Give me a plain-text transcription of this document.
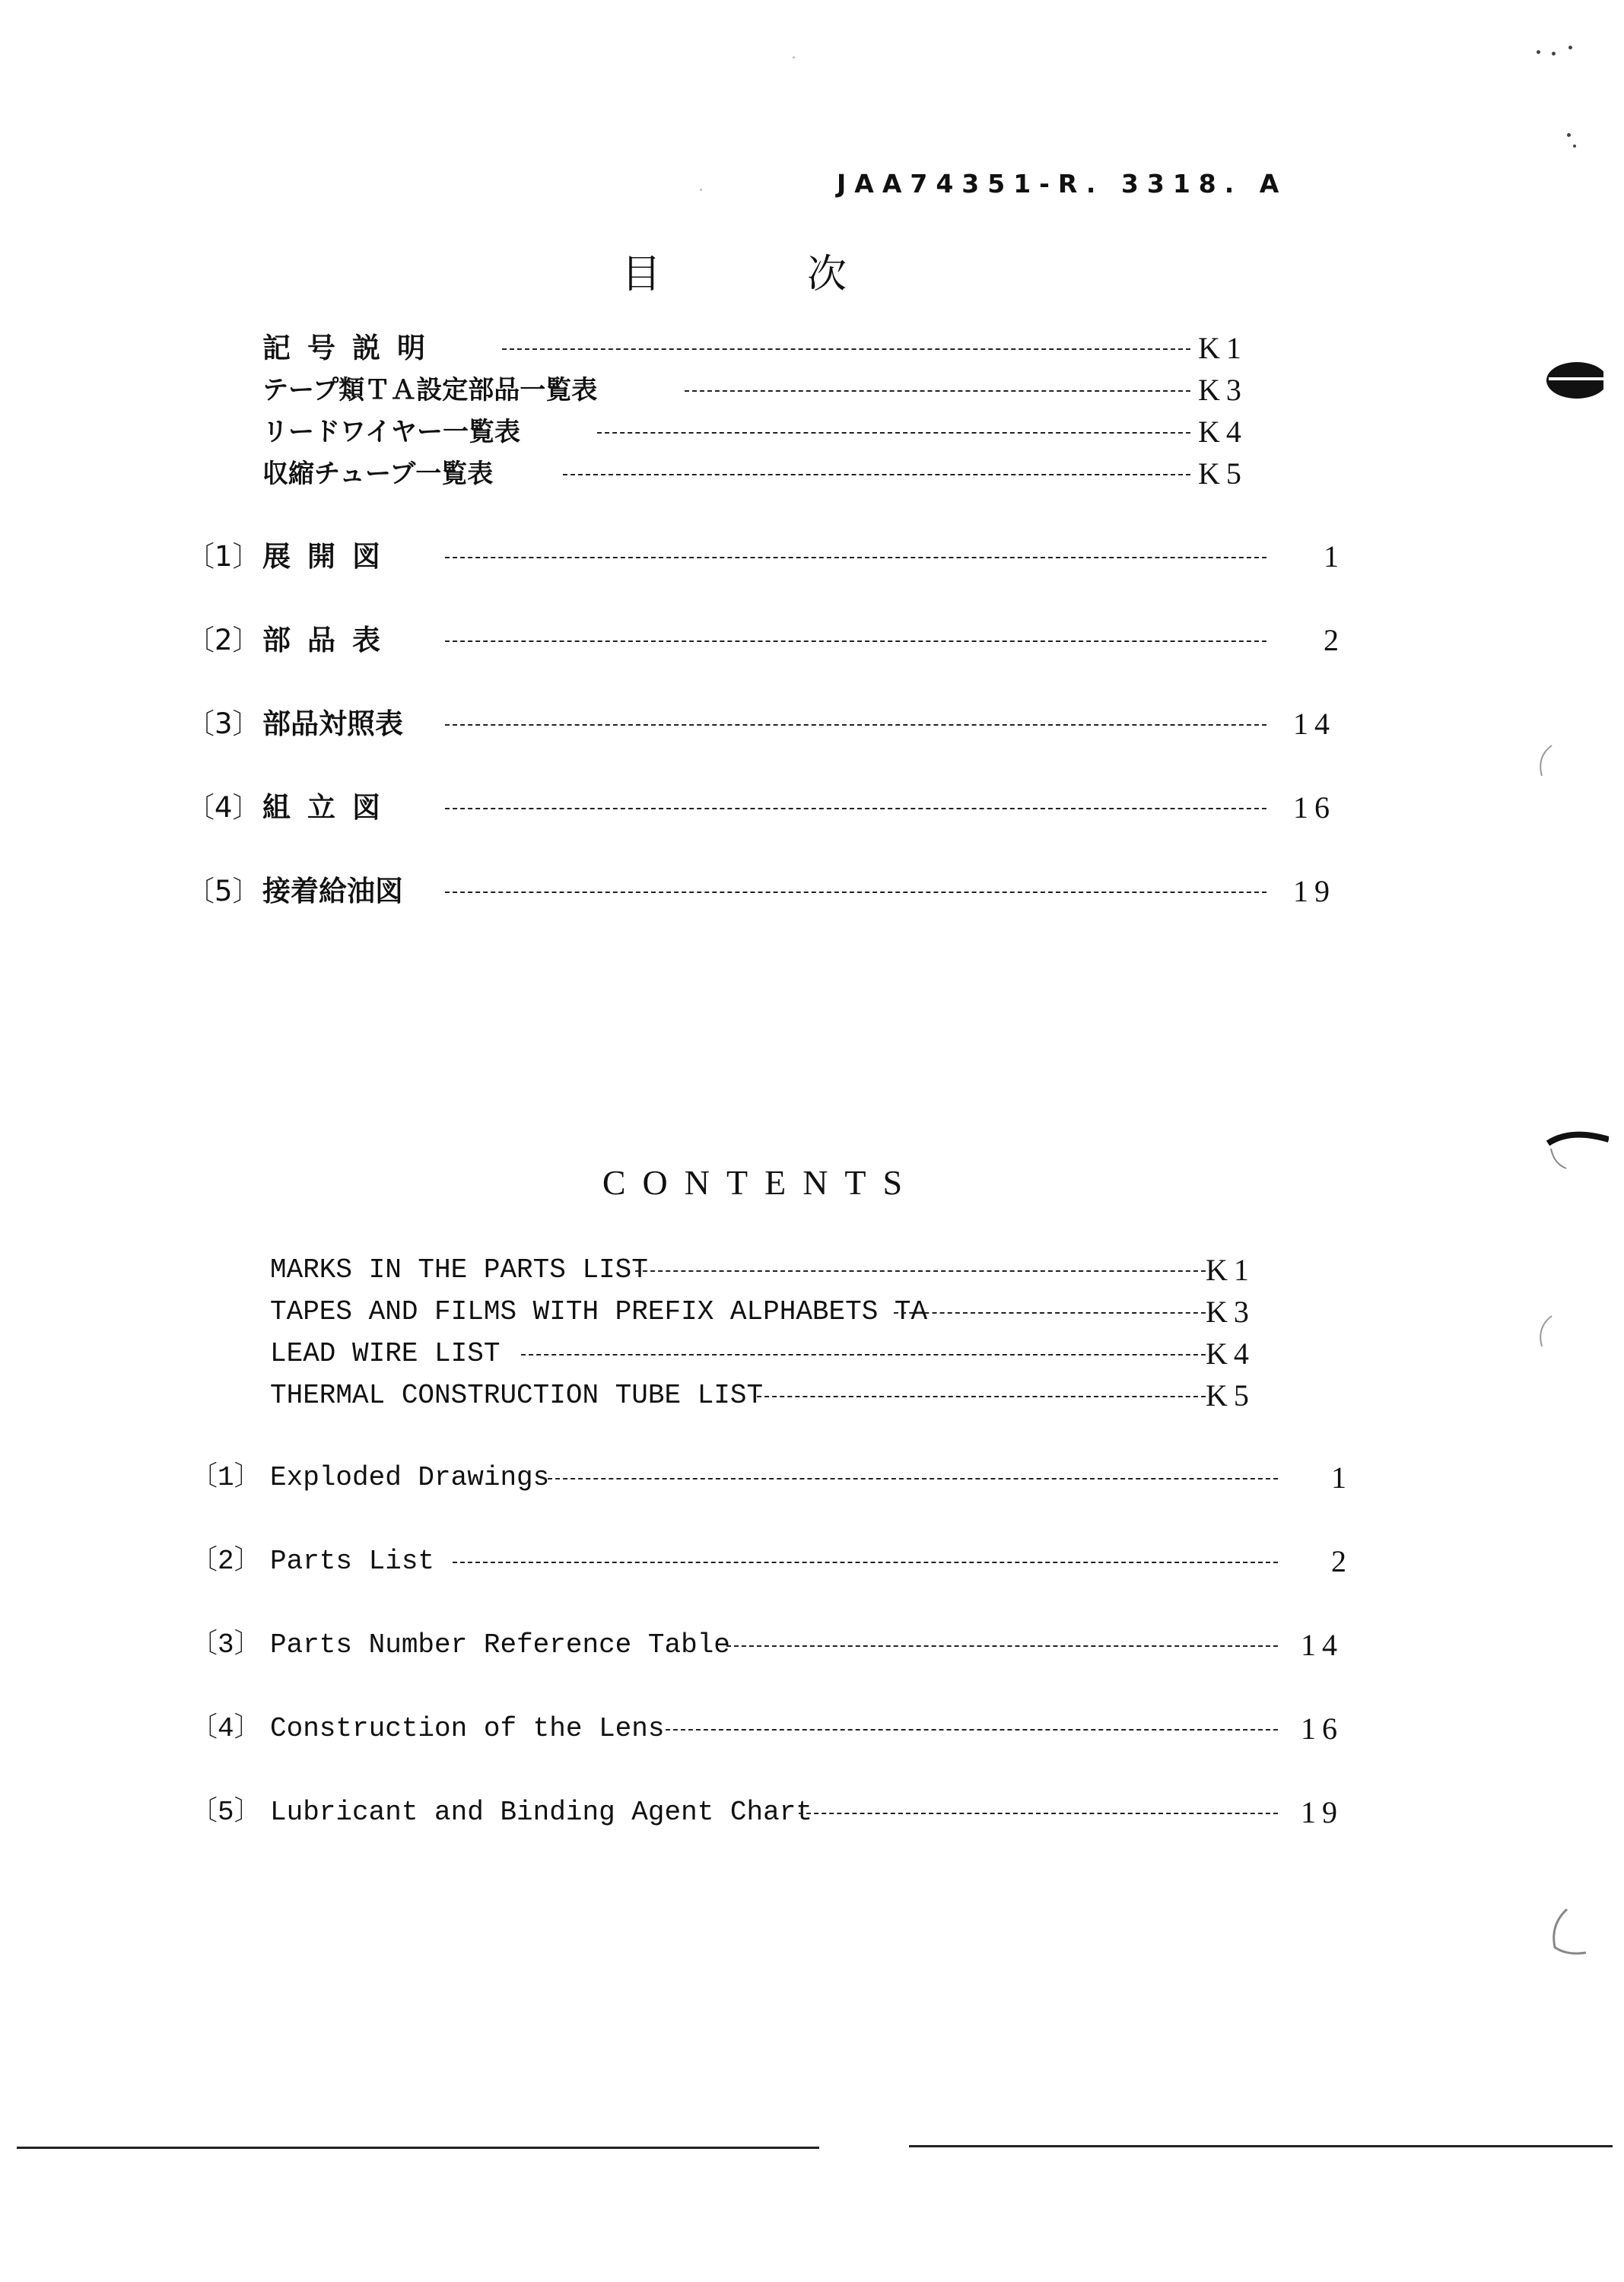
JAA74351-R. 3318. A
目　次
記号説明	K1
テープ類ＴＡ設定部品一覧表	K3
リードワイヤー一覧表	K4
収縮チューブ一覧表	K5
〔1〕 展開図	1
〔2〕 部品表	2
〔3〕 部品対照表	14
〔4〕 組立図	16
〔5〕 接着給油図	19
CONTENTS
MARKS IN THE PARTS LIST	K1
TAPES AND FILMS WITH PREFIX ALPHABETS TA	K3
LEAD WIRE LIST	K4
THERMAL CONSTRUCTION TUBE LIST	K5
〔1〕 Exploded Drawings	1
〔2〕 Parts List	2
〔3〕 Parts Number Reference Table	14
〔4〕 Construction of the Lens	16
〔5〕 Lubricant and Binding Agent Chart	19
